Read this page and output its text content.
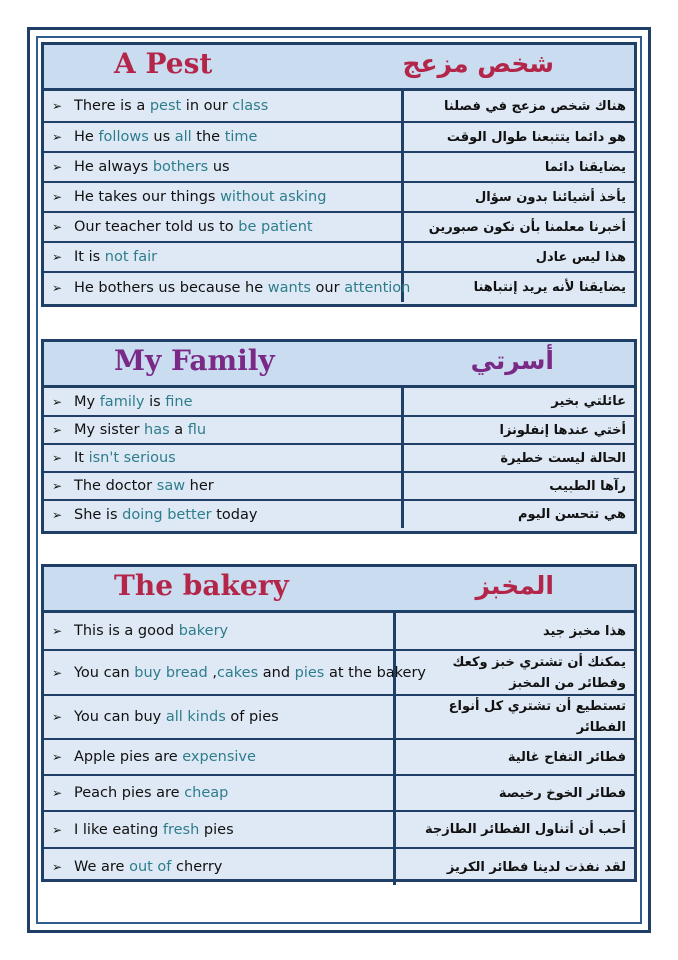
A Pest	شخص مزعج
➢ There is a pest in our class	هناك شخص مزعج في فصلنا
➢ He follows us all the time	هو دائما يتتبعنا طوال الوقت
➢ He always bothers us	يضايقنا دائما
➢ He takes our things without asking	يأخذ أشيائنا بدون سؤال
➢ Our teacher told us to be patient	أخبرنا معلمنا بأن نكون صبورين
➢ It is not fair	هذا ليس عادل
➢ He bothers us because he wants our attention	يضايقنا لأنه يريد إنتباهنا
My Family	أسرتي
➢ My family is fine	عائلتي بخير
➢ My sister has a flu	أختي عندها إنفلونزا
➢ It isn't serious	الحالة ليست خطيرة
➢ The doctor saw her	رآها الطبيب
➢ She is doing better today	هي تتحسن اليوم
The bakery	المخبز
➢ This is a good bakery	هذا مخبز جيد
➢ You can buy bread ,cakes and pies at the bakery	يمكنك أن تشتري خبز وكعك وفطائر من المخبز
➢ You can buy all kinds of pies	تستطيع أن تشتري كل أنواع الفطائر
➢ Apple pies are expensive	فطائر التفاح غالية
➢ Peach pies are cheap	فطائر الخوخ رخيصة
➢ I like eating fresh pies	أحب أن أتناول الفطائر الطازجة
➢ We are out of cherry	لقد نفذت لدينا فطائر الكريز
